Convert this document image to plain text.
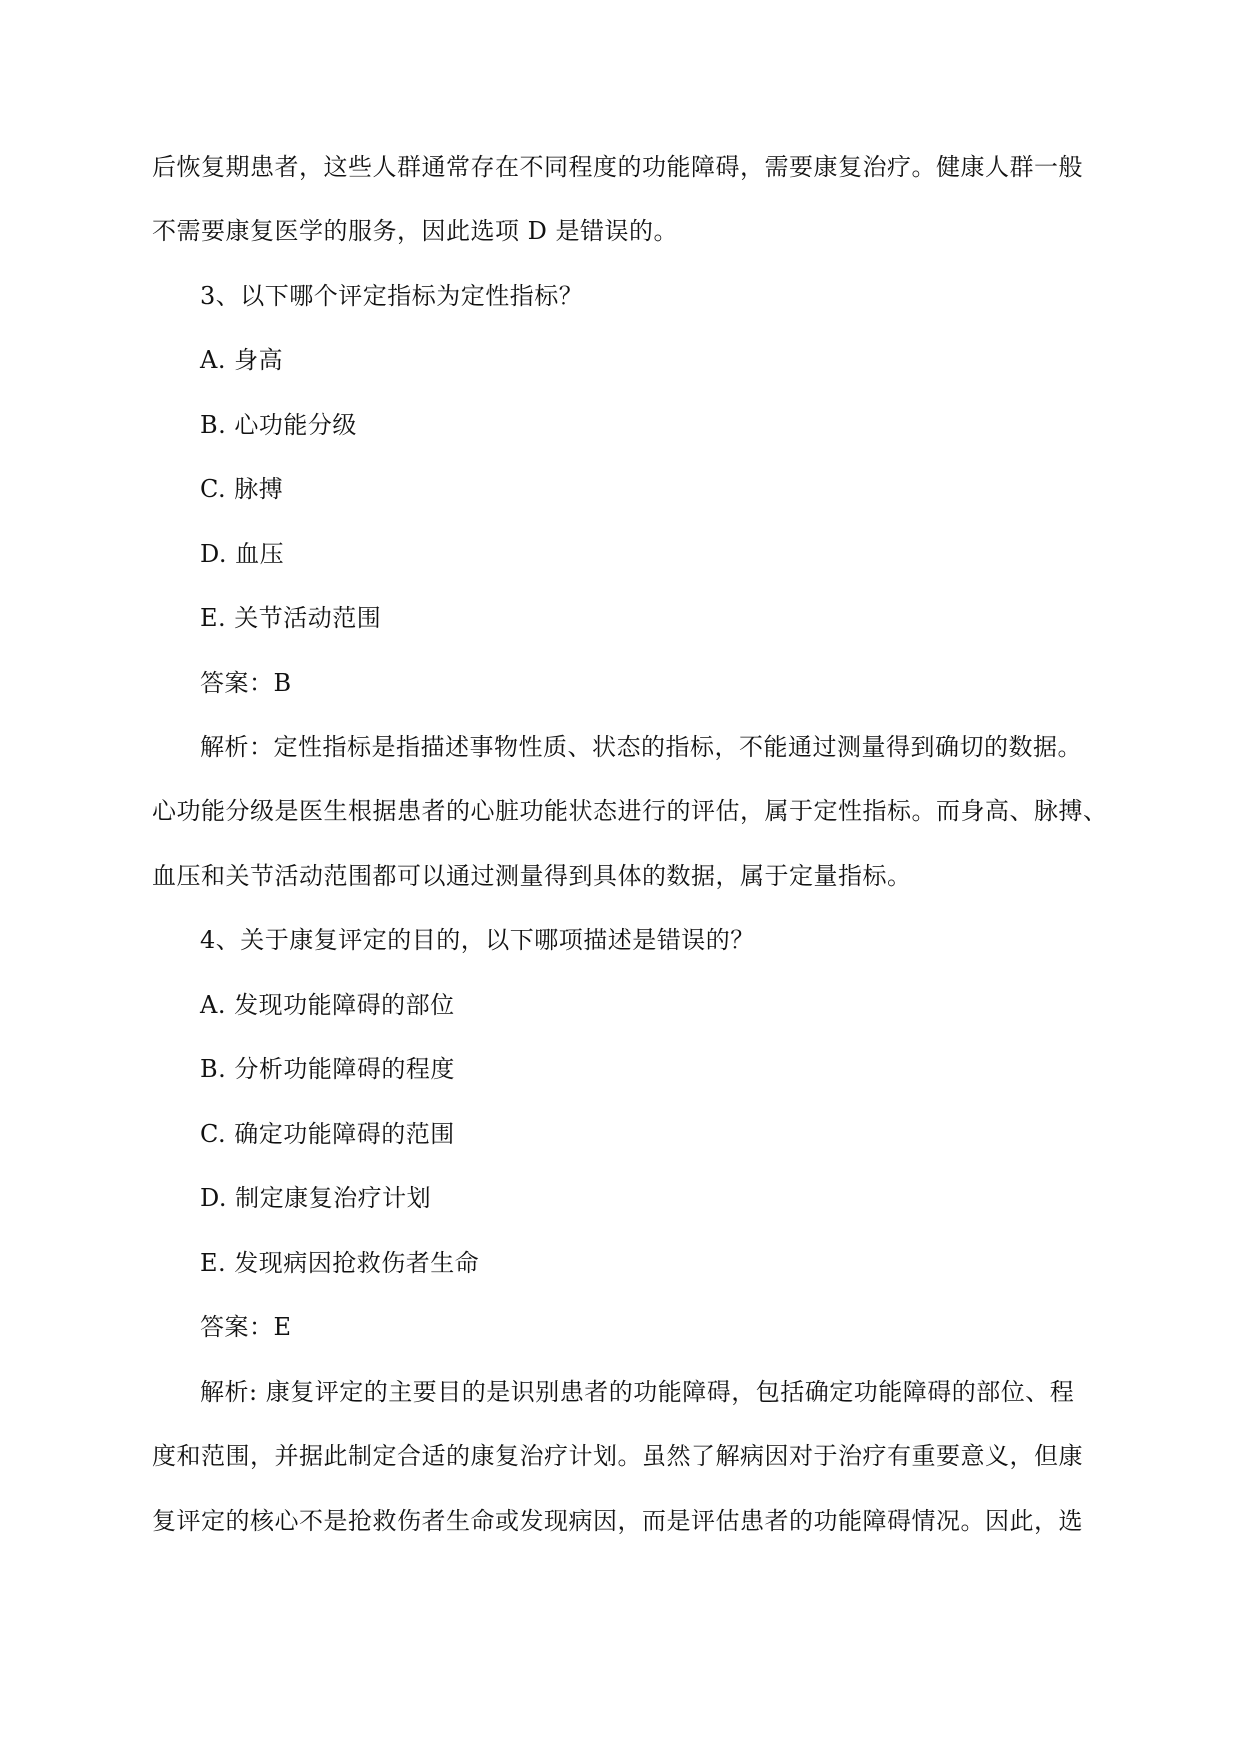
后恢复期患者，这些人群通常存在不同程度的功能障碍，需要康复治疗。健康人群一般
不需要康复医学的服务，因此选项 D 是错误的。
3、以下哪个评定指标为定性指标？
A. 身高
B. 心功能分级
C. 脉搏
D. 血压
E. 关节活动范围
答案：B
解析：定性指标是指描述事物性质、状态的指标，不能通过测量得到确切的数据。
心功能分级是医生根据患者的心脏功能状态进行的评估，属于定性指标。而身高、脉搏、
血压和关节活动范围都可以通过测量得到具体的数据，属于定量指标。
4、关于康复评定的目的，以下哪项描述是错误的？
A. 发现功能障碍的部位
B. 分析功能障碍的程度
C. 确定功能障碍的范围
D. 制定康复治疗计划
E. 发现病因抢救伤者生命
答案：E
解析: 康复评定的主要目的是识别患者的功能障碍，包括确定功能障碍的部位、程
度和范围，并据此制定合适的康复治疗计划。虽然了解病因对于治疗有重要意义，但康
复评定的核心不是抢救伤者生命或发现病因，而是评估患者的功能障碍情况。因此，选
